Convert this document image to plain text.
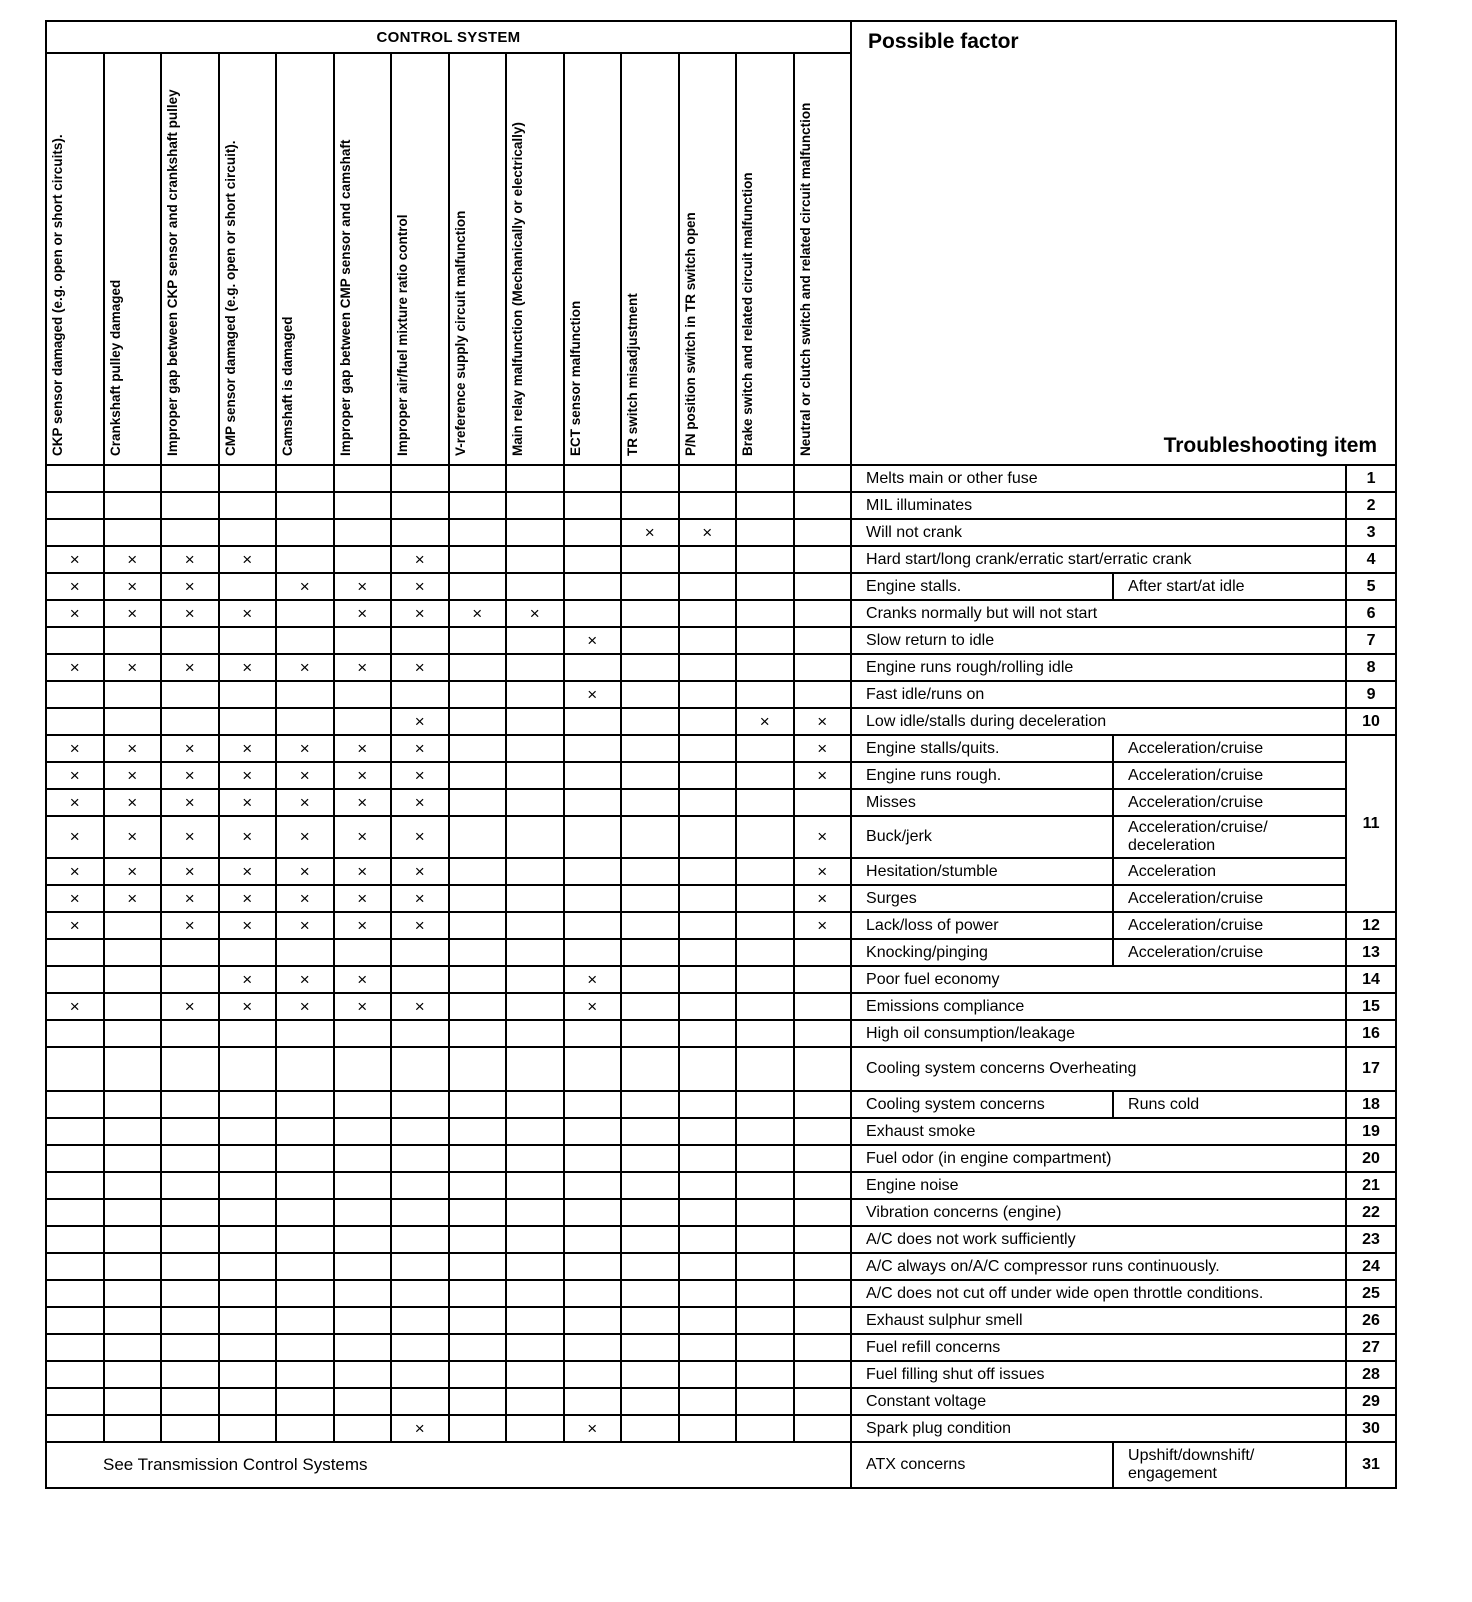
CONTROL SYSTEM														Possible factor
Troubleshooting item		

CKP sensor damaged (e.g. open or short circuits).	Crankshaft pulley damaged	Improper gap between CKP sensor and crankshaft pulley	CMP sensor damaged (e.g. open or short circuit).	Camshaft is damaged	Improper gap between CMP sensor and camshaft	Improper air/fuel mixture ratio control	V-reference supply circuit malfunction	Main relay malfunction (Mechanically or electrically)	ECT sensor malfunction	TR switch misadjustment	P/N position switch in TR switch open	Brake switch and related circuit malfunction	Neutral or clutch switch and related circuit malfunction			

														Melts main or other fuse		1
														MIL illuminates		2
										×	×			Will not crank		3
×	×	×	×			×								Hard start/long crank/erratic start/erratic crank		4
×	×	×		×	×	×								Engine stalls.	After start/at idle	5
×	×	×	×		×	×	×	×						Cranks normally but will not start		6
									×					Slow return to idle		7
×	×	×	×	×	×	×								Engine runs rough/rolling idle		8
									×					Fast idle/runs on		9
						×						×	×	Low idle/stalls during deceleration		10
×	×	×	×	×	×	×							×	Engine stalls/quits.	Acceleration/cruise	11
×	×	×	×	×	×	×							×	Engine runs rough.	Acceleration/cruise	
×	×	×	×	×	×	×								Misses	Acceleration/cruise	
×	×	×	×	×	×	×							×	Buck/jerk	Acceleration/cruise/ deceleration	
×	×	×	×	×	×	×							×	Hesitation/stumble	Acceleration	
×	×	×	×	×	×	×							×	Surges	Acceleration/cruise	
×		×	×	×	×	×							×	Lack/loss of power	Acceleration/cruise	12
														Knocking/pinging	Acceleration/cruise	13
			×	×	×				×					Poor fuel economy		14
×		×	×	×	×	×			×					Emissions compliance		15
														High oil consumption/leakage		16
														Cooling system concerns Overheating		17
														Cooling system concerns	Runs cold	18
														Exhaust smoke		19
														Fuel odor (in engine compartment)		20
														Engine noise		21
														Vibration concerns (engine)		22
														A/C does not work sufficiently		23
														A/C always on/A/C compressor runs continuously.		24
														A/C does not cut off under wide open throttle conditions.		25
														Exhaust sulphur smell		26
														Fuel refill concerns		27
														Fuel filling shut off issues		28
														Constant voltage		29
						×			×					Spark plug condition		30
See Transmission Control Systems														ATX concerns	Upshift/downshift/ engagement	31
